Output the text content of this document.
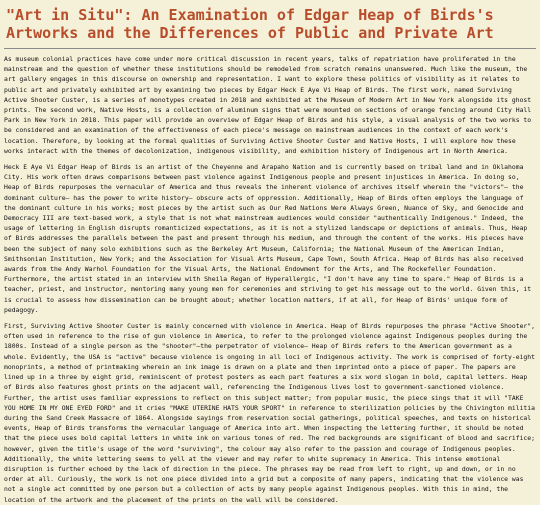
"Art in Situ": An Examination of Edgar Heap of Birds's Artworks and the Differences of Public and Private Art

As museum colonial practices have come under more critical discussion in recent years, talks of repatriation have proliferated in the mainstream and the question of whether these institutions should be remodeled from scratch remains unanswered. Much like the museum, the art gallery engages in this discourse on ownership and representation. I want to explore these politics of visibility as it relates to public art and privately exhibited art by examining two pieces by Edgar Heck E Aye Vi Heap of Birds. The first work, named Surviving Active Shooter Custer, is a series of monotypes created in 2018 and exhibited at the Museum of Modern Art in New York alongside its ghost prints. The second work, Native Hosts, is a collection of aluminum signs that were mounted on sections of orange fencing around City Hall Park in New York in 2018. This paper will provide an overview of Edgar Heap of Birds and his style, a visual analysis of the two works to be considered and an examination of the effectiveness of each piece's message on mainstream audiences in the context of each work's location. Therefore, by looking at the formal qualities of Surviving Active Shooter Custer and Native Hosts, I will explore how these works interact with the themes of decolonization, indigenous visibility, and exhibition history of Indigenous art in North America.

Heck E Aye Vi Edgar Heap of Birds is an artist of the Cheyenne and Arapaho Nation and is currently based on tribal land and in Oklahoma City. His work often draws comparisons between past violence against Indigenous people and present injustices in America. In doing so, Heap of Birds repurposes the vernacular of America and thus reveals the inherent violence of archives itself wherein the "victors"— the dominant culture— has the power to write history— obscure acts of oppression. Additionally, Heap of Birds often employs the language of the dominant culture in his works; most pieces by the artist such as Our Red Nations Were Always Green, Nuance of Sky, and Genocide and Democracy III are text-based work, a style that is not what mainstream audiences would consider "authentically Indigenous." Indeed, the usage of lettering in English disrupts romanticized expectations, as it is not a stylized landscape or depictions of animals. Thus, Heap of Birds addresses the parallels between the past and present through his medium, and through the content of the works. His pieces have been the subject of many solo exhibitions such as the Berkeley Art Museum, California; the National Museum of the American Indian, Smithsonian Institution, New York; and the Association for Visual Arts Museum, Cape Town, South Africa. Heap of Birds has also received awards from the Andy Warhol Foundation for the Visual Arts, the National Endowment for the Arts, and The Rockefeller Foundation. Furthermore, the artist stated in an interview with Sheila Regan of Hyperallergic, "I don't have any time to spare." Heap of Birds is a teacher, priest, and instructor, mentoring many young men for ceremonies and striving to get his message out to the world. Given this, it is crucial to assess how dissemination can be brought about; whether location matters, if at all, for Heap of Birds' unique form of pedagogy.

First, Surviving Active Shooter Custer is mainly concerned with violence in America. Heap of Birds repurposes the phrase "Active Shooter", often used in reference to the rise of gun violence in America, to refer to the prolonged violence against Indigenous peoples during the 1800s. Instead of a single person as the "shooter"—the perpetrator of violence— Heap of Birds refers to the American government as a whole. Evidently, the USA is "active" because violence is ongoing in all loci of Indigenous activity. The work is comprised of forty-eight monoprints, a method of printmaking wherein an ink image is drawn on a plate and then imprinted onto a piece of paper. The papers are lined up in a three by eight grid, reminiscent of protest posters as each part features a six word slogan in bold, capital letters. Heap of Birds also features ghost prints on the adjacent wall, referencing the Indigenous lives lost to government-sanctioned violence. Further, the artist uses familiar expressions to reflect on this subject matter; from popular music, the piece sings that it will "TAKE YOU HOME IN MY ONE EYED FORD" and it cries "MAKE UTERINE HATS YOUR SPORT" in reference to sterilization policies by the Chivington militia during the Sand Creek Massacre of 1864. Alongside sayings from reservation social gatherings, political speeches, and texts on historical events, Heap of Birds transforms the vernacular language of America into art. When inspecting the lettering further, it should be noted that the piece uses bold capital letters in white ink on various tones of red. The red backgrounds are significant of blood and sacrifice; however, given the title's usage of the word "surviving", the colour may also refer to the passion and courage of Indigenous peoples. Additionally, the white lettering seems to yell at the viewer and may refer to white supremacy in America. This intense emotional disruption is further echoed by the lack of direction in the piece. The phrases may be read from left to right, up and down, or in no order at all. Curiously, the work is not one piece divided into a grid but a composite of many papers, indicating that the violence was not a single act committed by one person but a collection of acts by many people against Indigenous peoples. With this in mind, the location of the artwork and the placement of the prints on the wall will be considered.
